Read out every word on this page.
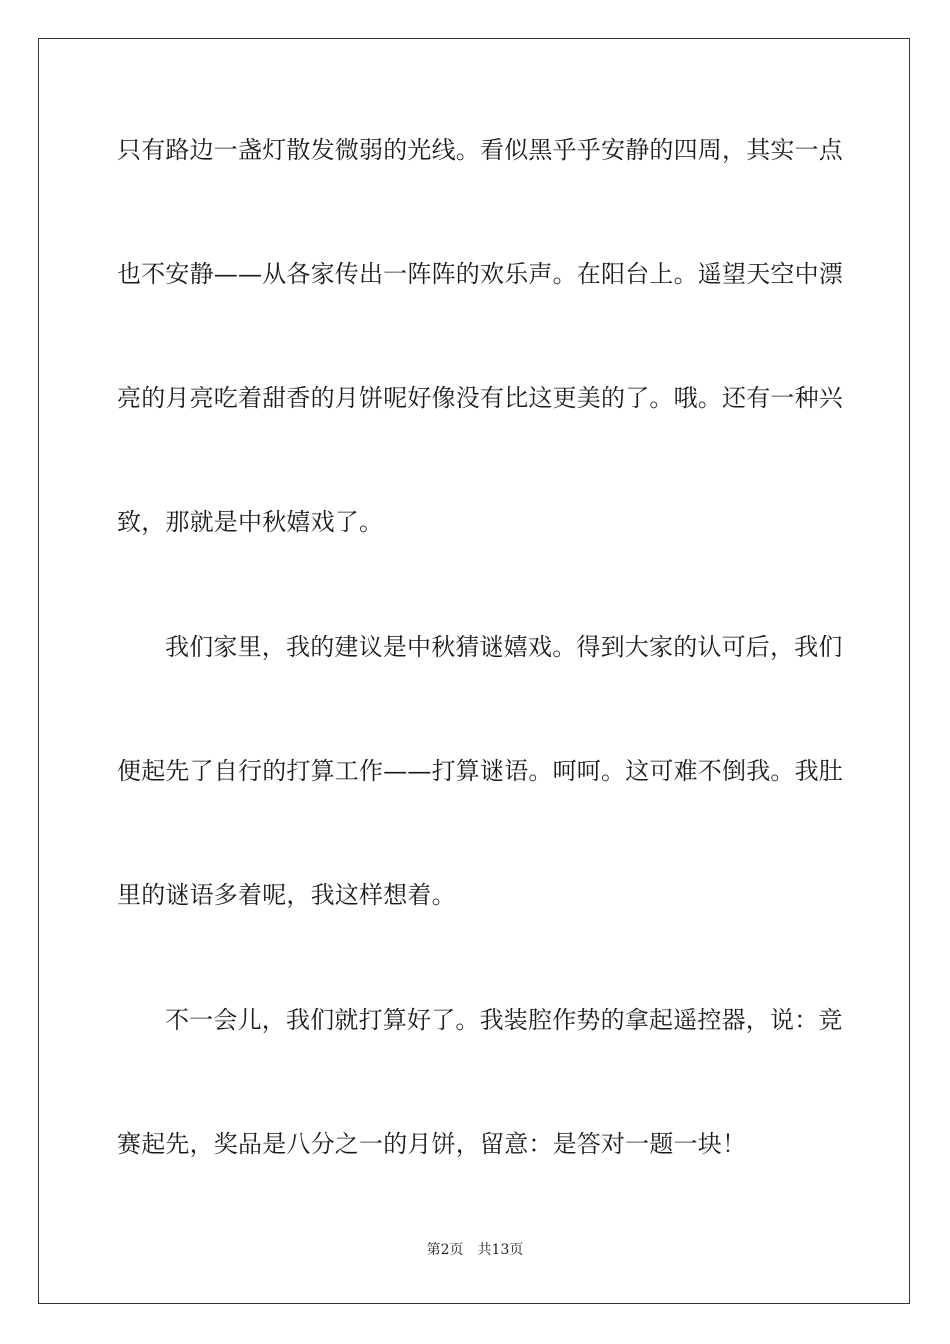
只有路边一盏灯散发微弱的光线。看似黑乎乎安静的四周，其实一点
也不安静——从各家传出一阵阵的欢乐声。在阳台上。遥望天空中漂
亮的月亮吃着甜香的月饼呢好像没有比这更美的了。哦。还有一种兴
致，那就是中秋嬉戏了。
我们家里，我的建议是中秋猜谜嬉戏。得到大家的认可后，我们
便起先了自行的打算工作——打算谜语。呵呵。这可难不倒我。我肚
里的谜语多着呢，我这样想着。
不一会儿，我们就打算好了。我装腔作势的拿起遥控器，说：竞
赛起先，奖品是八分之一的月饼，留意：是答对一题一块！
第2页 共13页
